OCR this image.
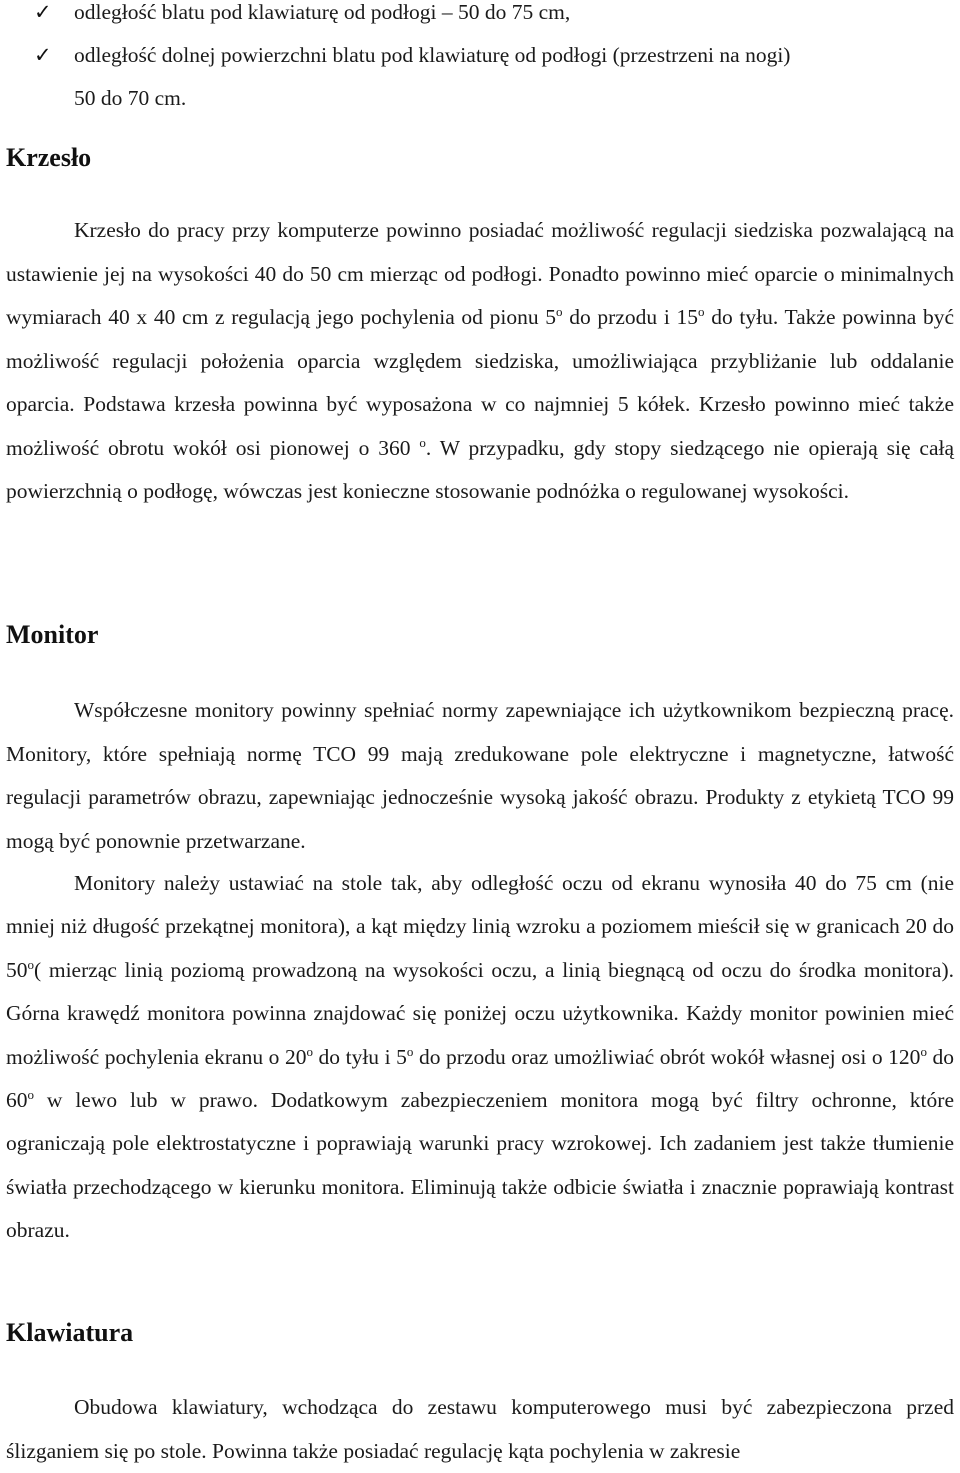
✓ odległość blatu pod klawiaturę od podłogi – 50 do 75 cm,
✓ odległość dolnej powierzchni blatu pod klawiaturę od podłogi (przestrzeni na nogi)
50 do 70 cm.
Krzesło

Krzesło do pracy przy komputerze powinno posiadać możliwość regulacji siedziska pozwalającą na ustawienie jej na wysokości 40 do 50 cm mierząc od podłogi. Ponadto powinno mieć oparcie o minimalnych wymiarach 40 x 40 cm z regulacją jego pochylenia od pionu 5$^o$ do przodu i 15$^o$ do tyłu. Także powinna być możliwość regulacji położenia oparcia względem siedziska, umożliwiająca przybliżanie lub oddalanie oparcia. Podstawa krzesła powinna być wyposażona w co najmniej 5 kółek. Krzesło powinno mieć także możliwość obrotu wokół osi pionowej o 360 $^o$. W przypadku, gdy stopy siedzącego nie opierają się całą powierzchnią o podłogę, wówczas jest konieczne stosowanie podnóżka o regulowanej wysokości.

Monitor

Współczesne monitory powinny spełniać normy zapewniające ich użytkownikom bezpieczną pracę. Monitory, które spełniają normę TCO 99 mają zredukowane pole elektryczne i magnetyczne, łatwość regulacji parametrów obrazu, zapewniając jednocześnie wysoką jakość obrazu. Produkty z etykietą TCO 99 mogą być ponownie przetwarzane.

Monitory należy ustawiać na stole tak, aby odległość oczu od ekranu wynosiła 40 do 75 cm (nie mniej niż długość przekątnej monitora), a kąt między linią wzroku a poziomem mieścił się w granicach 20 do 50$^o$( mierząc linią poziomą prowadzoną na wysokości oczu, a linią biegnącą od oczu do środka monitora). Górna krawędź monitora powinna znajdować się poniżej oczu użytkownika. Każdy monitor powinien mieć możliwość pochylenia ekranu o 20$^o$ do tyłu i 5$^o$ do przodu oraz umożliwiać obrót wokół własnej osi o 120$^o$ do 60$^o$ w lewo lub w prawo. Dodatkowym zabezpieczeniem monitora mogą być filtry ochronne, które ograniczają pole elektrostatyczne i poprawiają warunki pracy wzrokowej. Ich zadaniem jest także tłumienie światła przechodzącego w kierunku monitora. Eliminują także odbicie światła i znacznie poprawiają kontrast obrazu.

Klawiatura

Obudowa klawiatury, wchodząca do zestawu komputerowego musi być zabezpieczona przed ślizganiem się po stole. Powinna także posiadać regulację kąta pochylenia w zakresie
